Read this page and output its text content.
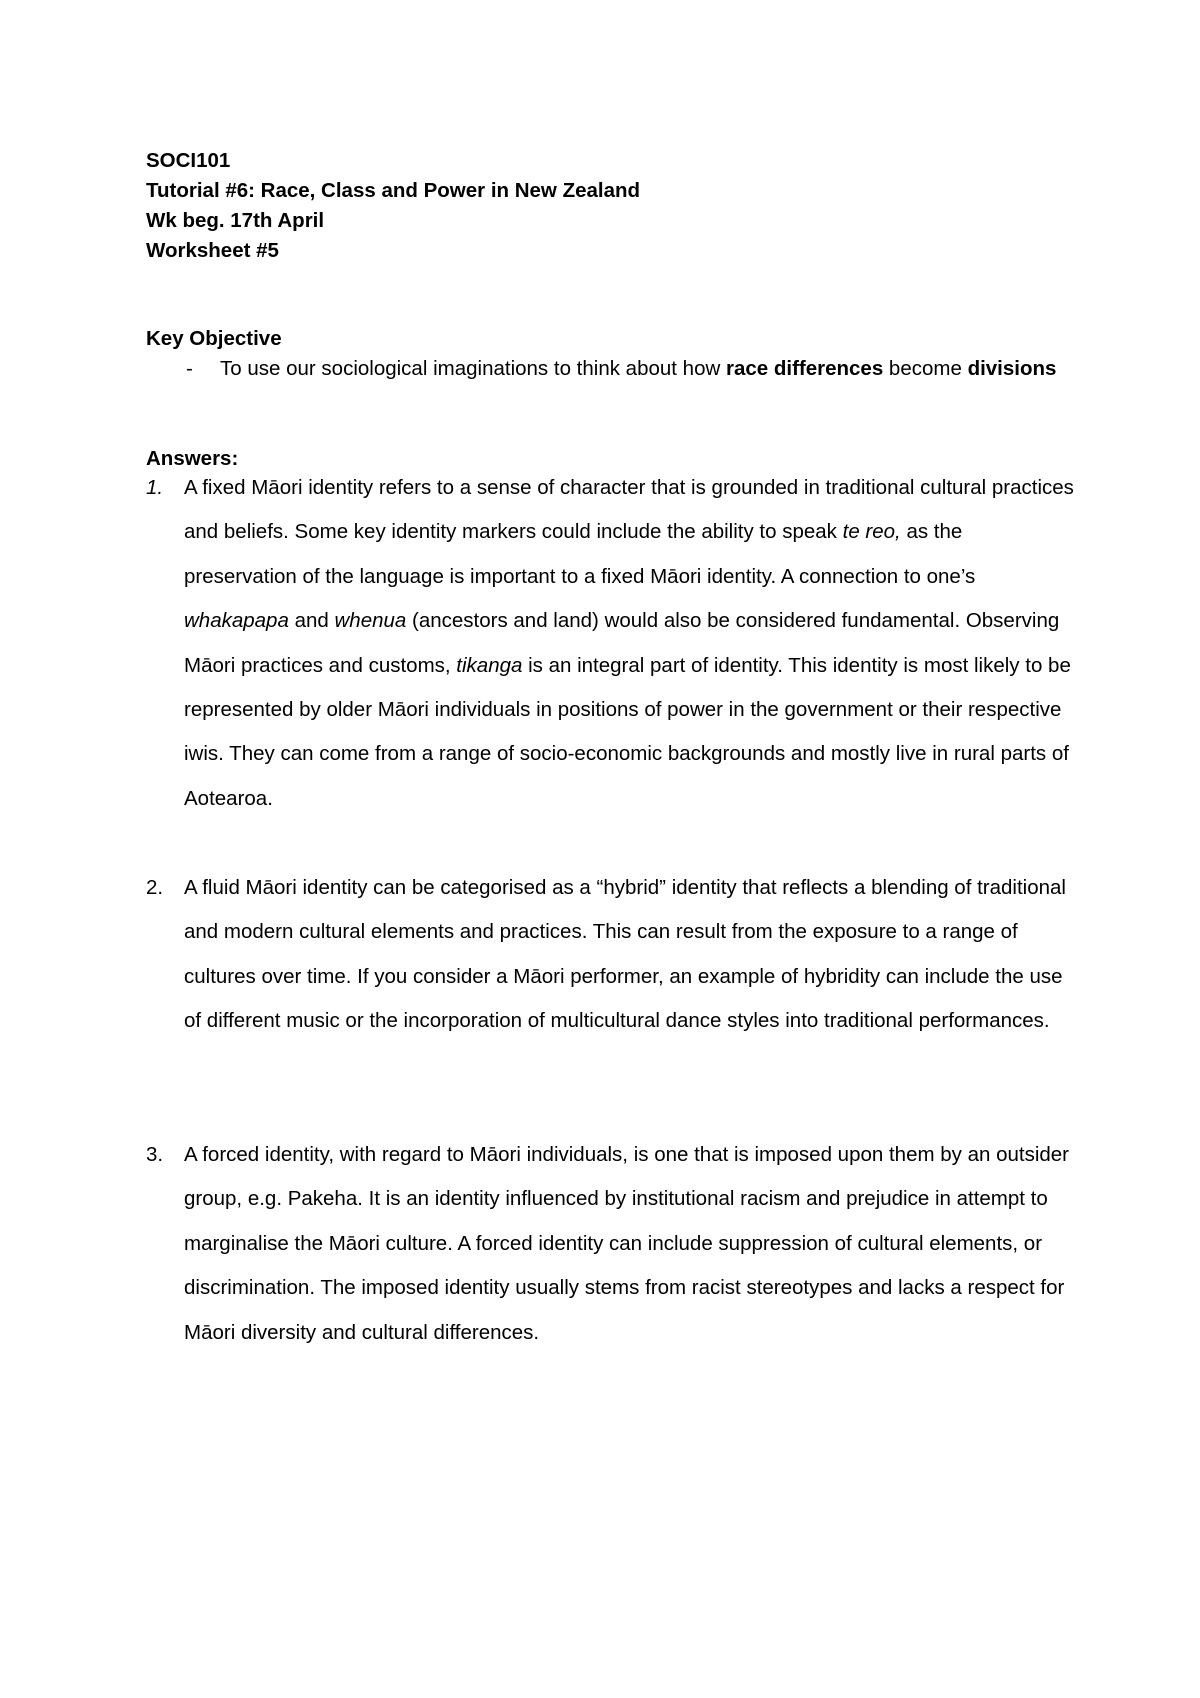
SOCI101
Tutorial #6: Race, Class and Power in New Zealand
Wk beg. 17th April
Worksheet #5
Key Objective
- To use our sociological imaginations to think about how race differences become divisions
Answers:
1. A fixed Māori identity refers to a sense of character that is grounded in traditional cultural practices and beliefs. Some key identity markers could include the ability to speak te reo, as the preservation of the language is important to a fixed Māori identity. A connection to one’s whakapapa and whenua (ancestors and land) would also be considered fundamental. Observing Māori practices and customs, tikanga is an integral part of identity. This identity is most likely to be represented by older Māori individuals in positions of power in the government or their respective iwis. They can come from a range of socio-economic backgrounds and mostly live in rural parts of Aotearoa.
2. A fluid Māori identity can be categorised as a “hybrid” identity that reflects a blending of traditional and modern cultural elements and practices. This can result from the exposure to a range of cultures over time. If you consider a Māori performer, an example of hybridity can include the use of different music or the incorporation of multicultural dance styles into traditional performances.
3. A forced identity, with regard to Māori individuals, is one that is imposed upon them by an outsider group, e.g. Pakeha. It is an identity influenced by institutional racism and prejudice in attempt to marginalise the Māori culture. A forced identity can include suppression of cultural elements, or discrimination. The imposed identity usually stems from racist stereotypes and lacks a respect for Māori diversity and cultural differences.
